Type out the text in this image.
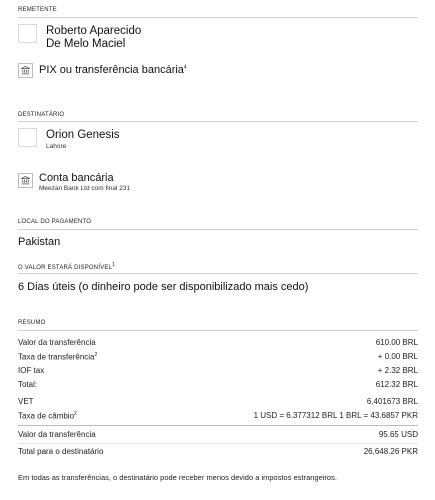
REMETENTE
Roberto Aparecido
De Melo Maciel
PIX ou transferência bancária$^4$
DESTINATÁRIO
Orion Genesis
Lahore
Conta bancária
Meezan Bank Ltd com final 231
LOCAL DO PAGAMENTO
Pakistan
O VALOR ESTARÁ DISPONÍVEL$^1$
6 Dias úteis (o dinheiro pode ser disponibilizado mais cedo)
RESUMO
Valor da transferência	610.00 BRL
Taxa de transferência$^2$	+ 0.00 BRL
IOF tax	+ 2.32 BRL
Total:	612.32 BRL
VET	6.401673 BRL
Taxa de câmbio$^2$	1 USD = 6.377312 BRL 1 BRL = 43.6857 PKR
Valor da transferência	95.65 USD
Total para o destinatário	26,648.26 PKR
Em todas as transferências, o destinatário pode receber menos devido a impostos estrangeiros.
